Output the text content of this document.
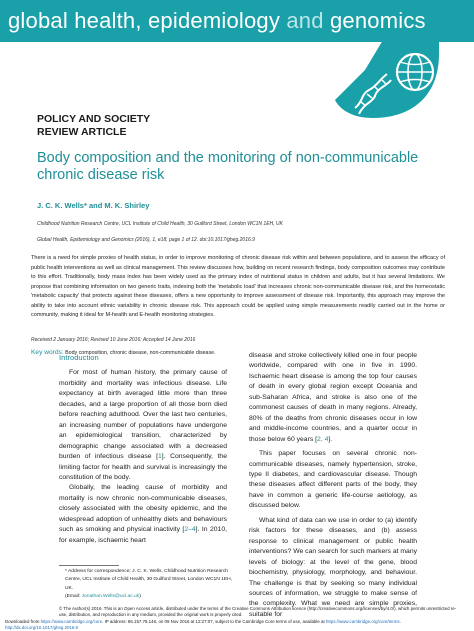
global health, epidemiology and genomics
POLICY AND SOCIETY
REVIEW ARTICLE
Body composition and the monitoring of non-communicable chronic disease risk
J. C. K. Wells* and M. K. Shirley
Childhood Nutrition Research Centre, UCL Institute of Child Health, 30 Guilford Street, London WC1N 1EH, UK
Global Health, Epidemiology and Genomics (2016), 1, e18, page 1 of 12. doi:10.1017/gheg.2016.9
There is a need for simple proxies of health status, in order to improve monitoring of chronic disease risk within and between populations, and to assess the efficacy of public health interventions as well as clinical management. This review discusses how, building on recent research findings, body composition outcomes may contribute to this effort. Traditionally, body mass index has been widely used as the primary index of nutritional status in children and adults, but it has several limitations. We propose that combining information on two generic traits, indexing both the 'metabolic load' that increases chronic non-communicable disease risk, and the homeostatic 'metabolic capacity' that protects against these diseases, offers a new opportunity to improve assessment of disease risk. Importantly, this approach may improve the ability to take into account ethnic variability in chronic disease risk. This approach could be applied using simple measurements readily carried out in the home or community, making it ideal for M-health and E-health monitoring strategies.
Received 2 January 2016; Revised 10 June 2016; Accepted 14 June 2016
Key words: Body composition, chronic disease, non-communicable disease.
Introduction

For most of human history, the primary cause of morbidity and mortality was infectious disease. Life expectancy at birth averaged little more than three decades, and a large proportion of all those born died before reaching adulthood. Over the last two centuries, an increasing number of populations have undergone an epidemiological transition, characterized by demographic change associated with a decreased burden of infectious disease [1]. Consequently, the limiting factor for health and survival is increasingly the constitution of the body.

Globally, the leading cause of morbidity and mortality is now chronic non-communicable diseases, closely associated with the obesity epidemic, and the widespread adoption of unhealthy diets and behaviours such as smoking and physical inactivity [2–4]. In 2010, for example, ischaemic heart

disease and stroke collectively killed one in four people worldwide, compared with one in five in 1990. Ischaemic heart disease is among the top four causes of death in every global region except Oceania and sub-Saharan Africa, and stroke is also one of the commonest causes of death in many regions. Already, 80% of the deaths from chronic diseases occur in low and middle-income countries, and a quarter occur in those below 60 years [2, 4].

This paper focuses on several chronic non-communicable diseases, namely hypertension, stroke, type II diabetes, and cardiovascular disease. Though these diseases affect different parts of the body, they have in common a generic life-course aetiology, as discussed below.

What kind of data can we use in order to (a) identify risk factors for these diseases, and (b) assess response to clinical management or public health interventions? We can search for such markers at many levels of biology: at the level of the gene, blood biochemistry, physiology, morphology, and behaviour. The challenge is that by seeking so many individual sources of information, we struggle to make sense of the complexity. What we need are simple proxies, suitable for

* Address for correspondence: J. C. K. Wells, Childhood Nutrition Research Centre, UCL Institute of Child Health, 30 Guilford Street, London WC1N 1EH, UK.
(Email: Jonathan.Wells@ucl.ac.uk)
© The Author(s) 2016. This is an Open Access article, distributed under the terms of the Creative Commons Attribution licence (http://creativecommons.org/licenses/by/4.0/), which permits unrestricted re-use, distribution, and reproduction in any medium, provided the original work is properly cited.
Downloaded from https://www.cambridge.org/core. IP address: 86.157.78.146, on 09 Nov 2016 at 12:27:07, subject to the Cambridge Core terms of use, available at https://www.cambridge.org/core/terms. http://dx.doi.org/10.1017/gheg.2016.9
